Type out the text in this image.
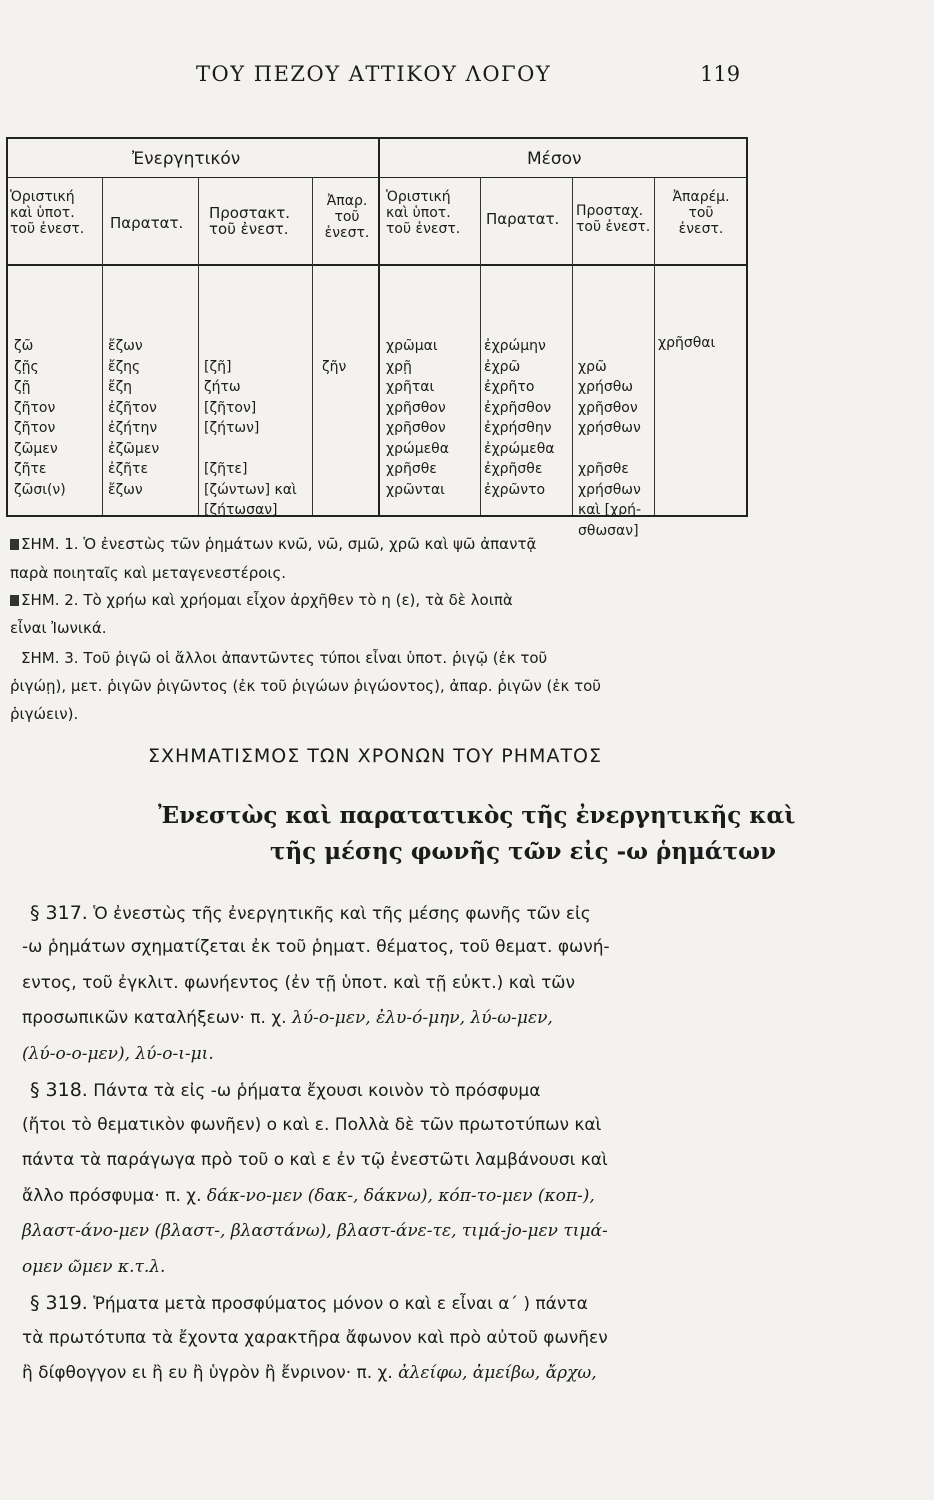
ΤΟΥ ΠΕΖΟΥ ΑΤΤΙΚΟΥ ΛΟΓΟΥ	119
Ἐνεργητικόν	Μέσον
Ὁριστική
καὶ ὑποτ.
τοῦ ἐνεστ. Παρατατ.
Προστακτ.
τοῦ ἐνεστ.
Ἀπαρ.
τοῦ
ἐνεστ.
Ὁριστική
καὶ ὑποτ.
τοῦ ἐνεστ.
Παρατατ. Προσταχ.
τοῦ ἐνεστ.
Ἀπαρέμ.
τοῦ
ἐνεστ.

ζῶ
ζῇς
ζῇ
ζῆτον
ζῆτον
ζῶμεν
ζῆτε
ζῶσι(ν)

ἔζων
ἔζης
ἔζη
ἐζῆτον
ἐζήτην
ἐζῶμεν
ἐζῆτε
ἔζων

[ζῆ]
ζήτω
[ζῆτον]
[ζήτων]

[ζῆτε]
[ζώντων] καὶ
[ζήτωσαν]

ζῆν

χρῶμαι
χρῇ
χρῆται
χρῆσθον
χρῆσθον
χρώμεθα
χρῆσθε
χρῶνται

ἐχρώμην
ἐχρῶ
ἐχρῆτο
ἐχρῆσθον
ἐχρήσθην
ἐχρώμεθα
ἐχρῆσθε
ἐχρῶντο

χρῶ
χρήσθω
χρῆσθον
χρήσθων

χρῆσθε
χρήσθων
καὶ [χρή-
σθωσαν]

χρῆσθαι

ΣΗΜ. 1. Ὁ ἐνεστὼς τῶν ῥημάτων κνῶ, νῶ, σμῶ, χρῶ καὶ ψῶ ἀπαντᾷ
παρὰ ποιηταῖς καὶ μεταγενεστέροις.
ΣΗΜ. 2. Τὸ χρήω καὶ χρήομαι εἶχον ἀρχῆθεν τὸ η (ε), τὰ δὲ λοιπὰ
εἶναι Ἰωνικά.
ΣΗΜ. 3. Τοῦ ῥιγῶ οἱ ἄλλοι ἀπαντῶντες τύποι εἶναι ὑποτ. ῥιγῷ (ἐκ τοῦ
ῥιγώῃ), μετ. ῥιγῶν ῥιγῶντος (ἐκ τοῦ ῥιγώων ῥιγώοντος), ἀπαρ. ῥιγῶν (ἐκ τοῦ
ῥιγώειν).
ΣΧΗΜΑΤΙΣΜΟΣ ΤΩΝ ΧΡΟΝΩΝ ΤΟΥ ΡΗΜΑΤΟΣ
Ἐνεστὼς καὶ παρατατικὸς τῆς ἐνεργητικῆς καὶ
τῆς μέσης φωνῆς τῶν εἰς -ω ῥημάτων
§ 317. Ὁ ἐνεστὼς τῆς ἐνεργητικῆς καὶ τῆς μέσης φωνῆς τῶν εἰς
-ω ῥημάτων σχηματίζεται ἐκ τοῦ ῥηματ. θέματος, τοῦ θεματ. φωνή-
εντος, τοῦ ἐγκλιτ. φωνήεντος (ἐν τῇ ὑποτ. καὶ τῇ εὐκτ.) καὶ τῶν
προσωπικῶν καταλήξεων· π. χ. λύ-ο-μεν, ἐλυ-ό-μην, λύ-ω-μεν,
(λύ-ο-ο-μεν), λύ-ο-ι-μι.
§ 318. Πάντα τὰ εἰς -ω ῥήματα ἔχουσι κοινὸν τὸ πρόσφυμα
(ἤτοι τὸ θεματικὸν φωνῆεν) ο καὶ ε. Πολλὰ δὲ τῶν πρωτοτύπων καὶ
πάντα τὰ παράγωγα πρὸ τοῦ ο καὶ ε ἐν τῷ ἐνεστῶτι λαμβάνουσι καὶ
ἄλλο πρόσφυμα· π. χ. δάκ-νο-μεν (δακ-, δάκνω), κόπ-το-μεν (κοπ-),
βλαστ-άνο-μεν (βλαστ-, βλαστάνω), βλαστ-άνε-τε, τιμά-jο-μεν τιμά-
ομεν ῶμεν κ.τ.λ.
§ 319. Ῥήματα μετὰ προσφύματος μόνον ο καὶ ε εἶναι α´ ) πάντα
τὰ πρωτότυπα τὰ ἔχοντα χαρακτῆρα ἄφωνον καὶ πρὸ αὐτοῦ φωνῆεν
ἢ δίφθογγον ει ἢ ευ ἢ ὑγρὸν ἢ ἔνρινον· π. χ. ἀλείφω, ἀμείβω, ἄρχω,
